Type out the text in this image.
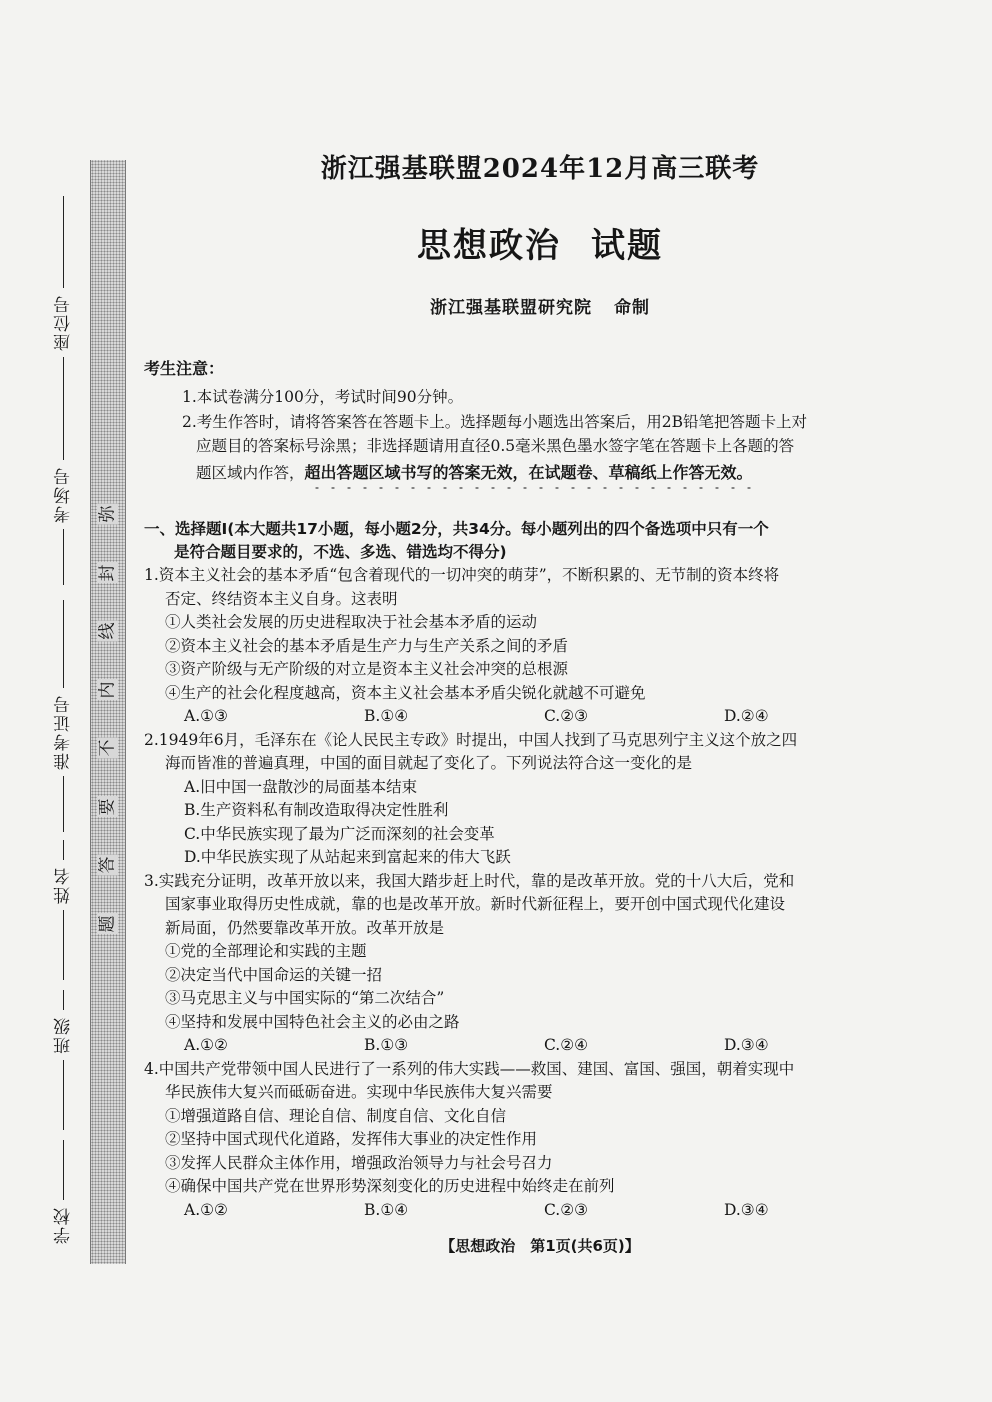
弥
封
线
内
不
要
答
题
座位号
考场号
准考证号
姓名
班级
学校
浙江强基联盟2024年12月高三联考
思想政治 试题
浙江强基联盟研究院 命制
考生注意：

1.本试卷满分100分，考试时间90分钟。

2.考生作答时，请将答案答在答题卡上。选择题每小题选出答案后，用2B铅笔把答题卡上对

应题目的答案标号涂黑；非选择题请用直径0.5毫米黑色墨水签字笔在答题卡上各题的答

题区域内作答，超出答题区域书写的答案无效，在试题卷、草稿纸上作答无效。

一、选择题Ⅰ(本大题共17小题，每小题2分，共34分。每小题列出的四个备选项中只有一个
是符合题目要求的，不选、多选、错选均不得分)

1.资本主义社会的基本矛盾“包含着现代的一切冲突的萌芽”，不断积累的、无节制的资本终将

否定、终结资本主义自身。这表明

①人类社会发展的历史进程取决于社会基本矛盾的运动

②资本主义社会的基本矛盾是生产力与生产关系之间的矛盾

③资产阶级与无产阶级的对立是资本主义社会冲突的总根源

④生产的社会化程度越高，资本主义社会基本矛盾尖锐化就越不可避免

A.①③	B.①④	C.②③	D.②④

2.1949年6月，毛泽东在《论人民民主专政》时提出，中国人找到了马克思列宁主义这个放之四

海而皆准的普遍真理，中国的面目就起了变化了。下列说法符合这一变化的是

A.旧中国一盘散沙的局面基本结束

B.生产资料私有制改造取得决定性胜利

C.中华民族实现了最为广泛而深刻的社会变革

D.中华民族实现了从站起来到富起来的伟大飞跃

3.实践充分证明，改革开放以来，我国大踏步赶上时代，靠的是改革开放。党的十八大后，党和

国家事业取得历史性成就，靠的也是改革开放。新时代新征程上，要开创中国式现代化建设

新局面，仍然要靠改革开放。改革开放是

①党的全部理论和实践的主题

②决定当代中国命运的关键一招

③马克思主义与中国实际的“第二次结合”

④坚持和发展中国特色社会主义的必由之路

A.①②	B.①③	C.②④	D.③④

4.中国共产党带领中国人民进行了一系列的伟大实践——救国、建国、富国、强国，朝着实现中

华民族伟大复兴而砥砺奋进。实现中华民族伟大复兴需要

①增强道路自信、理论自信、制度自信、文化自信

②坚持中国式现代化道路，发挥伟大事业的决定性作用

③发挥人民群众主体作用，增强政治领导力与社会号召力

④确保中国共产党在世界形势深刻变化的历史进程中始终走在前列

A.①②	B.①④	C.②③	D.③④
【思想政治　第1页(共6页)】
